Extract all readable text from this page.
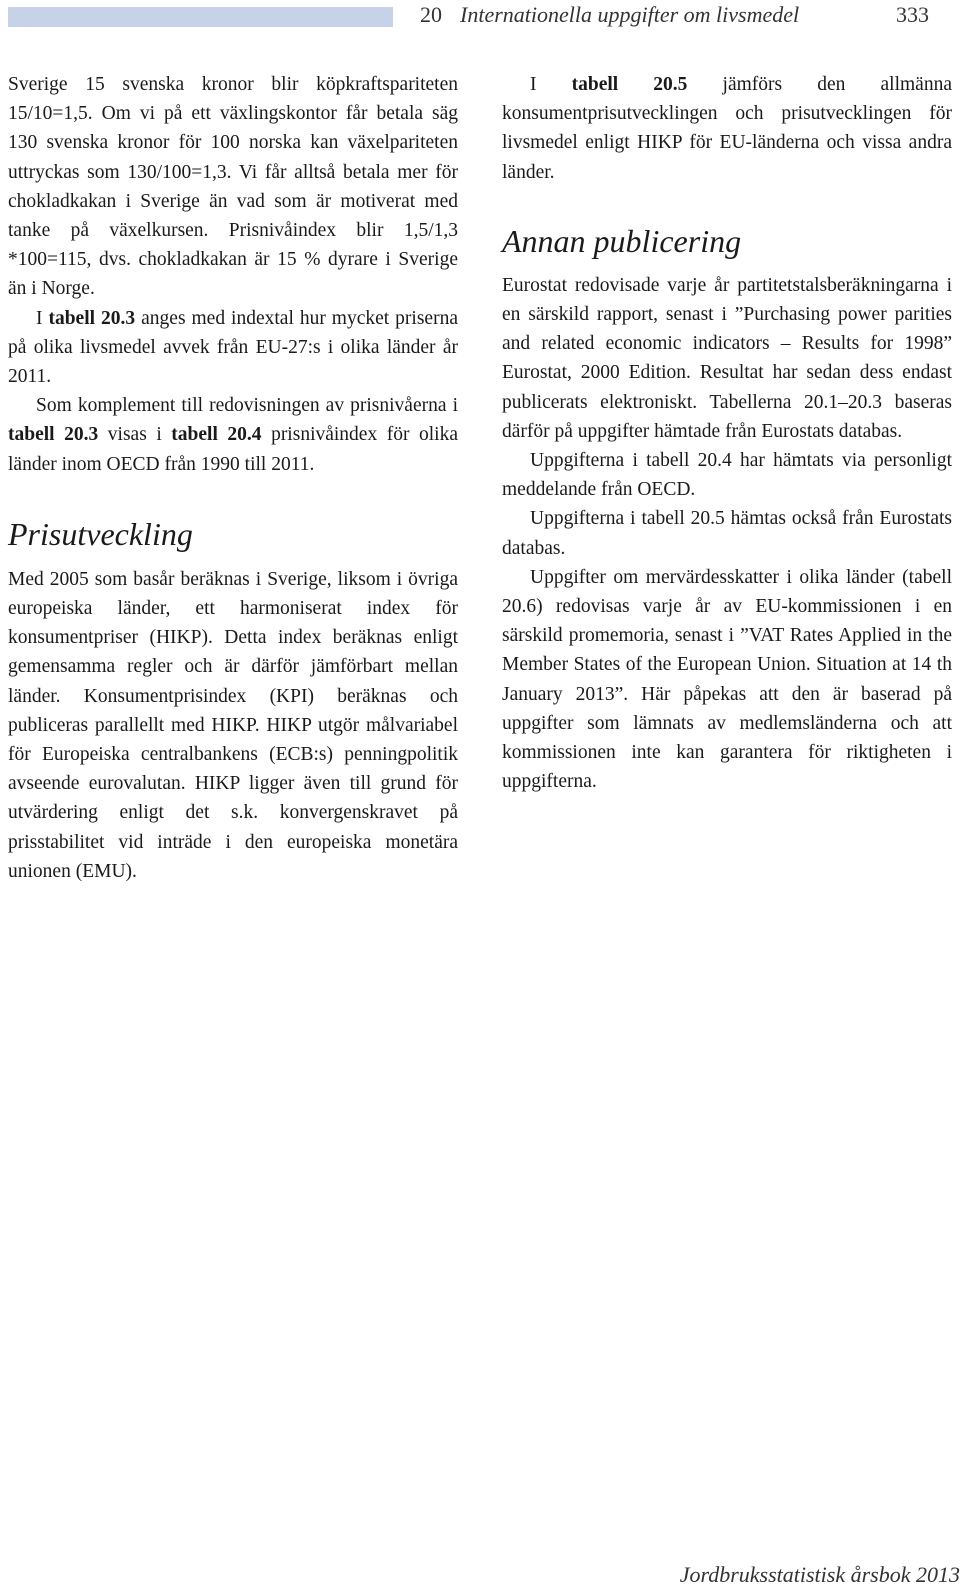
20 Internationella uppgifter om livsmedel	333

Sverige 15 svenska kronor blir köpkraftspariteten 15/10=1,5. Om vi på ett växlingskontor får betala säg 130 svenska kronor för 100 norska kan växelpariteten uttryckas som 130/100=1,3. Vi får alltså betala mer för chokladkakan i Sverige än vad som är motiverat med tanke på växelkursen. Prisnivåindex blir 1,5/1,3 *100=115, dvs. chokladkakan är 15 % dyrare i Sverige än i Norge.

I tabell 20.3 anges med indextal hur mycket priserna på olika livsmedel avvek från EU-27:s i olika länder år 2011.

Som komplement till redovisningen av prisnivåerna i tabell 20.3 visas i tabell 20.4 prisnivåindex för olika länder inom OECD från 1990 till 2011.

Prisutveckling

Med 2005 som basår beräknas i Sverige, liksom i övriga europeiska länder, ett harmoniserat index för konsumentpriser (HIKP). Detta index beräknas enligt gemensamma regler och är därför jämförbart mellan länder. Konsumentprisindex (KPI) beräknas och publiceras parallellt med HIKP. HIKP utgör målvariabel för Europeiska centralbankens (ECB:s) penningpolitik avseende eurovalutan. HIKP ligger även till grund för utvärdering enligt det s.k. konvergenskravet på prisstabilitet vid inträde i den europeiska monetära unionen (EMU).

I tabell 20.5 jämförs den allmänna konsumentprisutvecklingen och prisutvecklingen för livsmedel enligt HIKP för EU-länderna och vissa andra länder.

Annan publicering

Eurostat redovisade varje år partitetstalsberäkningarna i en särskild rapport, senast i ”Purchasing power parities and related economic indicators – Results for 1998” Eurostat, 2000 Edition. Resultat har sedan dess endast publicerats elektroniskt. Tabellerna 20.1–20.3 baseras därför på uppgifter hämtade från Eurostats databas.

Uppgifterna i tabell 20.4 har hämtats via personligt meddelande från OECD.

Uppgifterna i tabell 20.5 hämtas också från Eurostats databas.

Uppgifter om mervärdesskatter i olika länder (tabell 20.6) redovisas varje år av EU-kommissionen i en särskild promemoria, senast i ”VAT Rates Applied in the Member States of the European Union. Situation at 14 th January 2013”. Här påpekas att den är baserad på uppgifter som lämnats av medlemsländerna och att kommissionen inte kan garantera för riktigheten i uppgifterna.

Jordbruksstatistisk årsbok 2013
